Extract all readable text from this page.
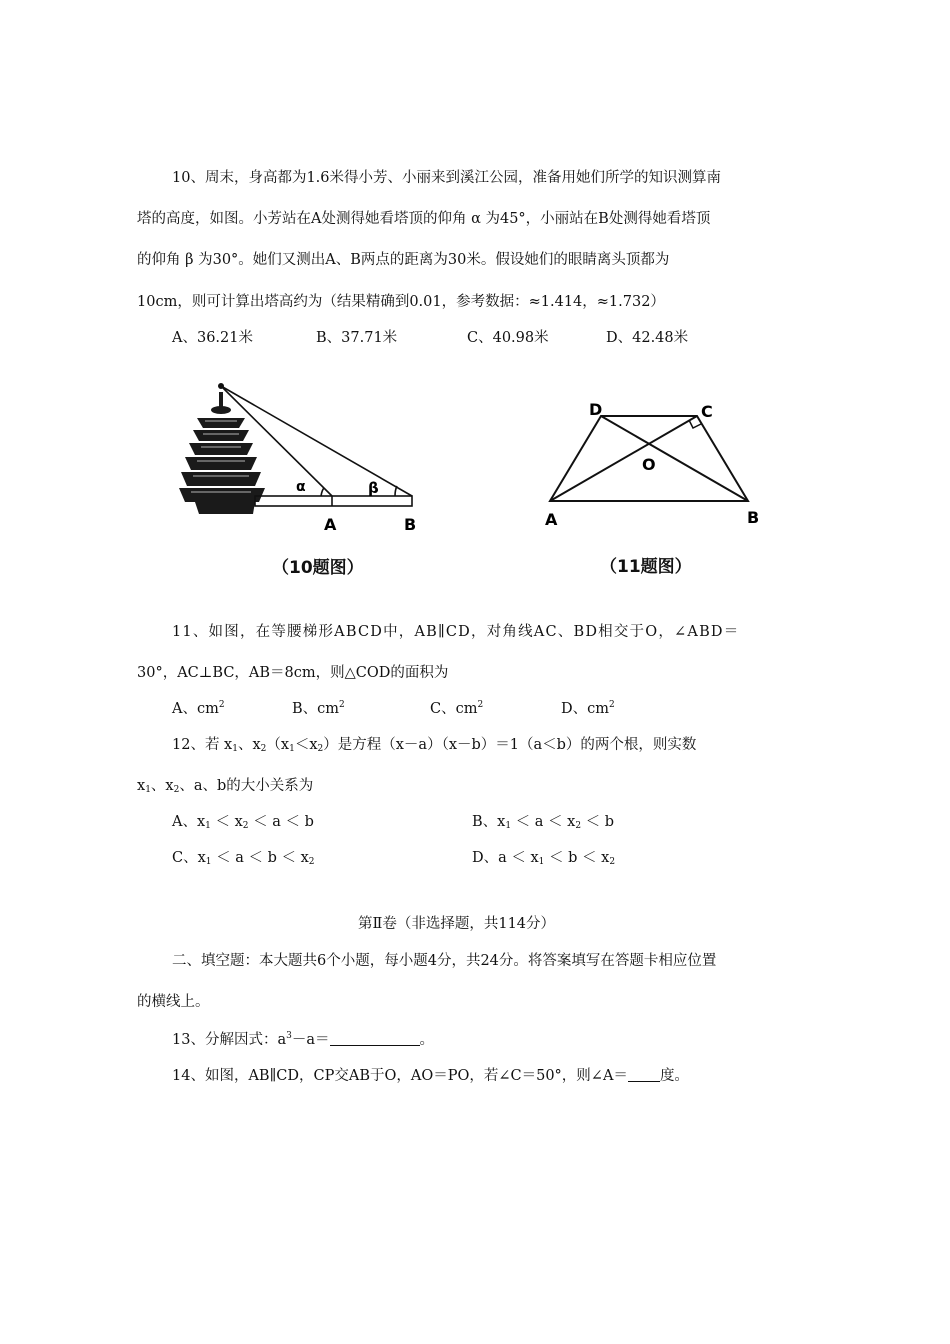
10、周末，身高都为1.6米得小芳、小丽来到溪江公园，准备用她们所学的知识测算南
塔的高度，如图。小芳站在A处测得她看塔顶的仰角 α 为45°，小丽站在B处测得她看塔顶
的仰角 β 为30°。她们又测出A、B两点的距离为30米。假设她们的眼睛离头顶都为
10cm，则可计算出塔高约为（结果精确到0.01，参考数据：≈1.414，≈1.732）
A、36.21米	B、37.71米	C、40.98米	D、42.48米
α	β
A	B
（10题图）
D	C
O
A	B
（11题图）
11、如图，在等腰梯形ABCD中，AB∥CD，对角线AC、BD相交于O，∠ABD＝
30°，AC⊥BC，AB＝8cm，则△COD的面积为
A、$cm^2$	B、$cm^2$	C、$cm^2$	D、$cm^2$
12、若 $x_1$、$x_2(x_1<x_2)$是方程（x－a）（x－b）＝1（a＜b）的两个根，则实数
$x_1$、$x_2$、a、b的大小关系为
A、$x_1 < x_2 < a < b$	B、$x_1 < a < x_2 < b$
C、$x_1 < a < b < x_2$	D、$a < x_1 < b < x_2$
第Ⅱ卷（非选择题，共114分）
二、填空题：本大题共6个小题，每小题4分，共24分。将答案填写在答题卡相应位置
的横线上。
13、分解因式：$a^3-a=$	。
14、如图，AB∥CD，CP交AB于O，AO＝PO，若∠C＝50°，则∠A＝ 度。
